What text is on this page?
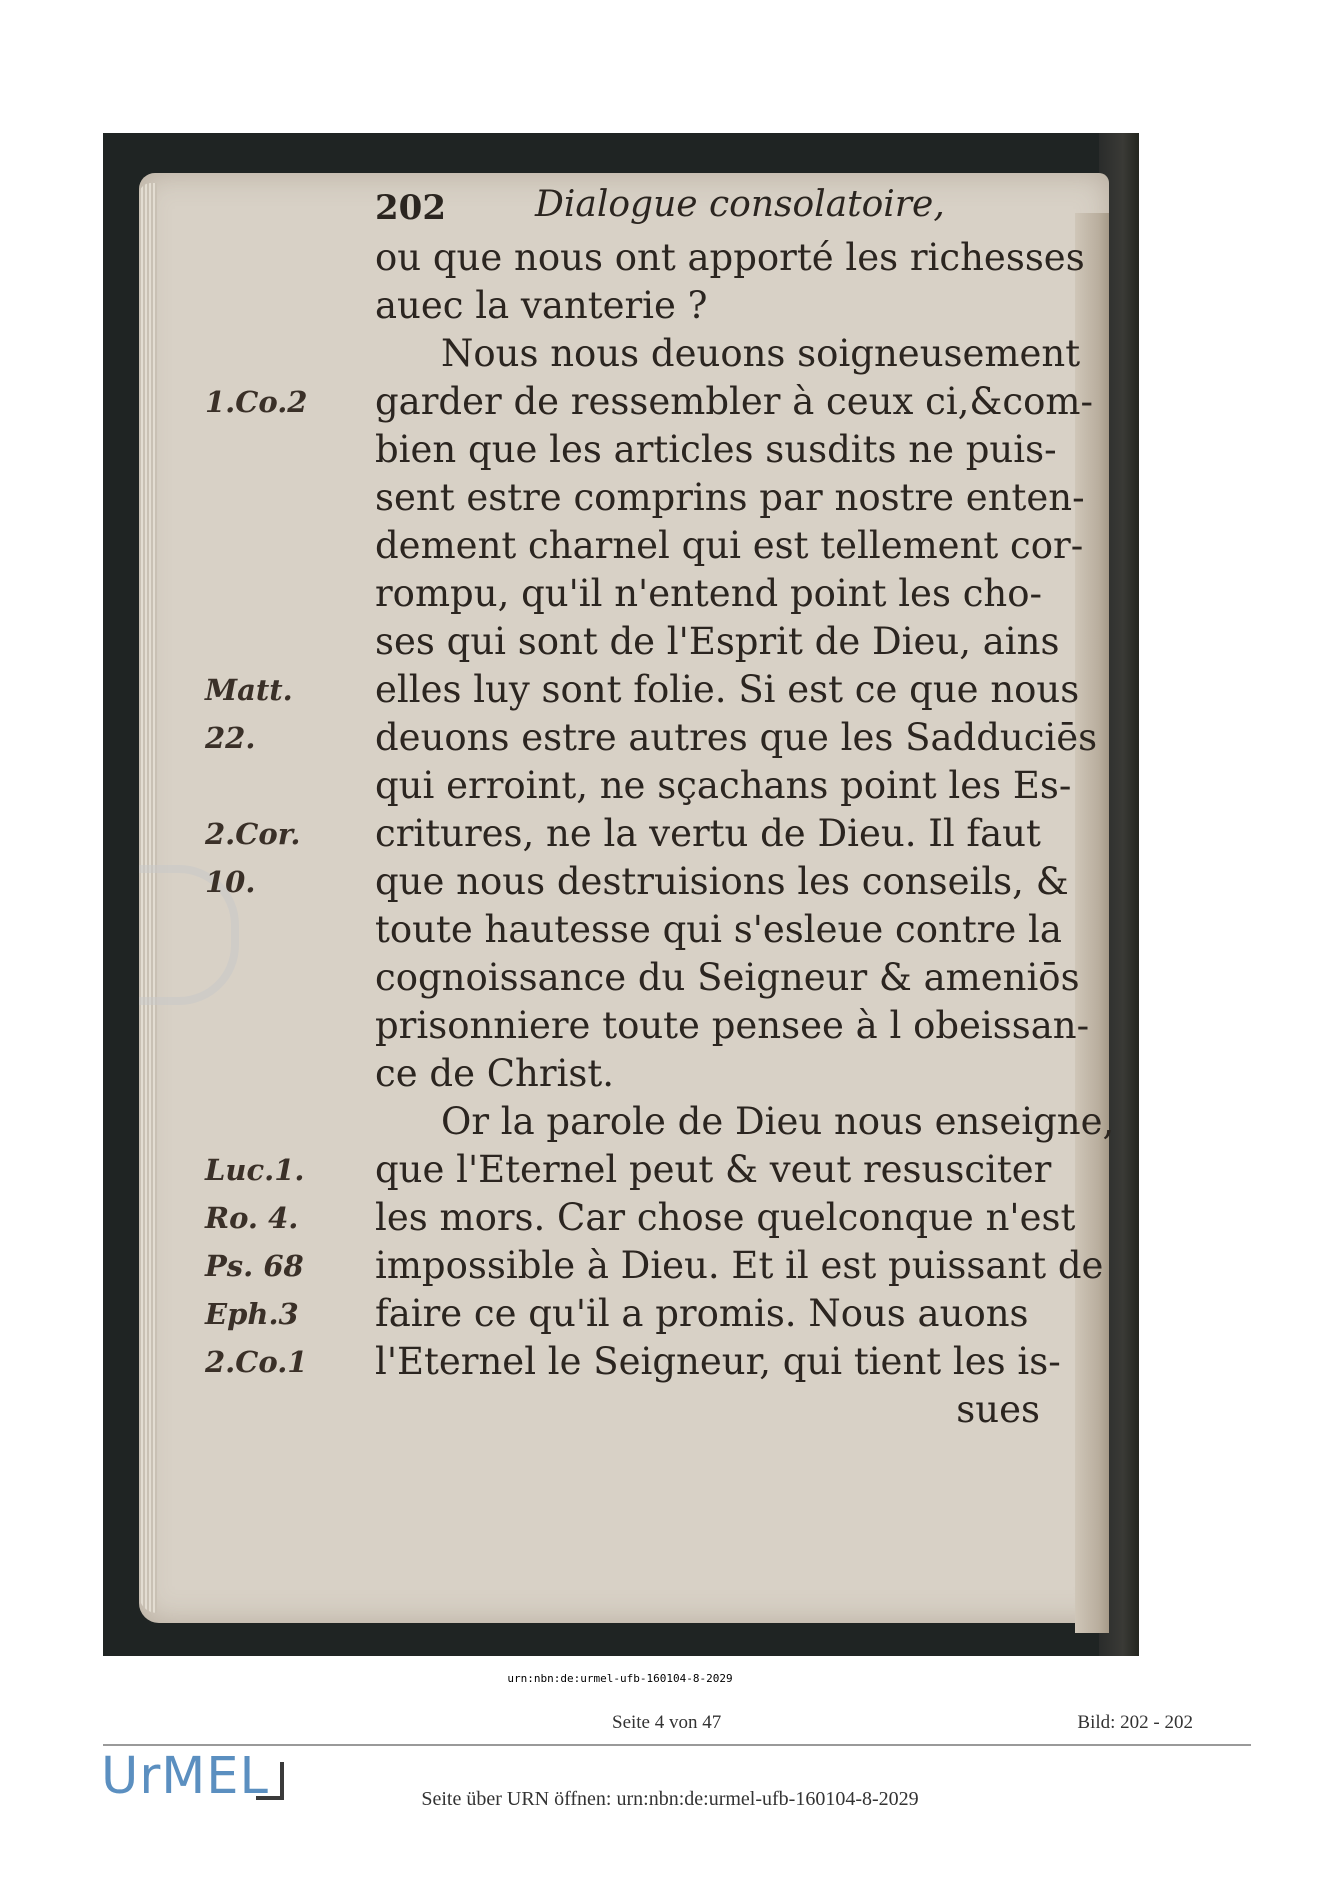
202 Dialogue consolatoire,
ou que nous ont apporté les richesses
auec la vanterie ?
Nous nous deuons soigneusement
1.Co.2 garder de ressembler à ceux ci,&com-
bien que les articles susdits ne puis-
sent estre comprins par nostre enten-
dement charnel qui est tellement cor-
rompu, qu'il n'entend point les cho-
ses qui sont de l'Esprit de Dieu, ains
Matt.	elles luy sont folie. Si est ce que nous
22.	deuons estre autres que les Sadduciēs
qui erroint, ne sçachans point les Es-
2.Cor.	critures, ne la vertu de Dieu. Il faut
10.	que nous destruisions les conseils, &
toute hautesse qui s'esleue contre la
cognoissance du Seigneur & ameniōs
prisonniere toute pensee à l obeissan-
ce de Christ.
Or la parole de Dieu nous enseigne,
Luc.1. que l'Eternel peut & veut resusciter
Ro. 4.	les mors. Car chose quelconque n'est
Ps. 68	impossible à Dieu. Et il est puissant de
Eph.3	faire ce qu'il a promis. Nous auons
2.Co.1 l'Eternel le Seigneur, qui tient les is-
sues
urn:nbn:de:urmel-ufb-160104-8-2029
Seite 4 von 47	Bild: 202 - 202
UrMEL	Seite über URN öffnen: urn:nbn:de:urmel-ufb-160104-8-2029
